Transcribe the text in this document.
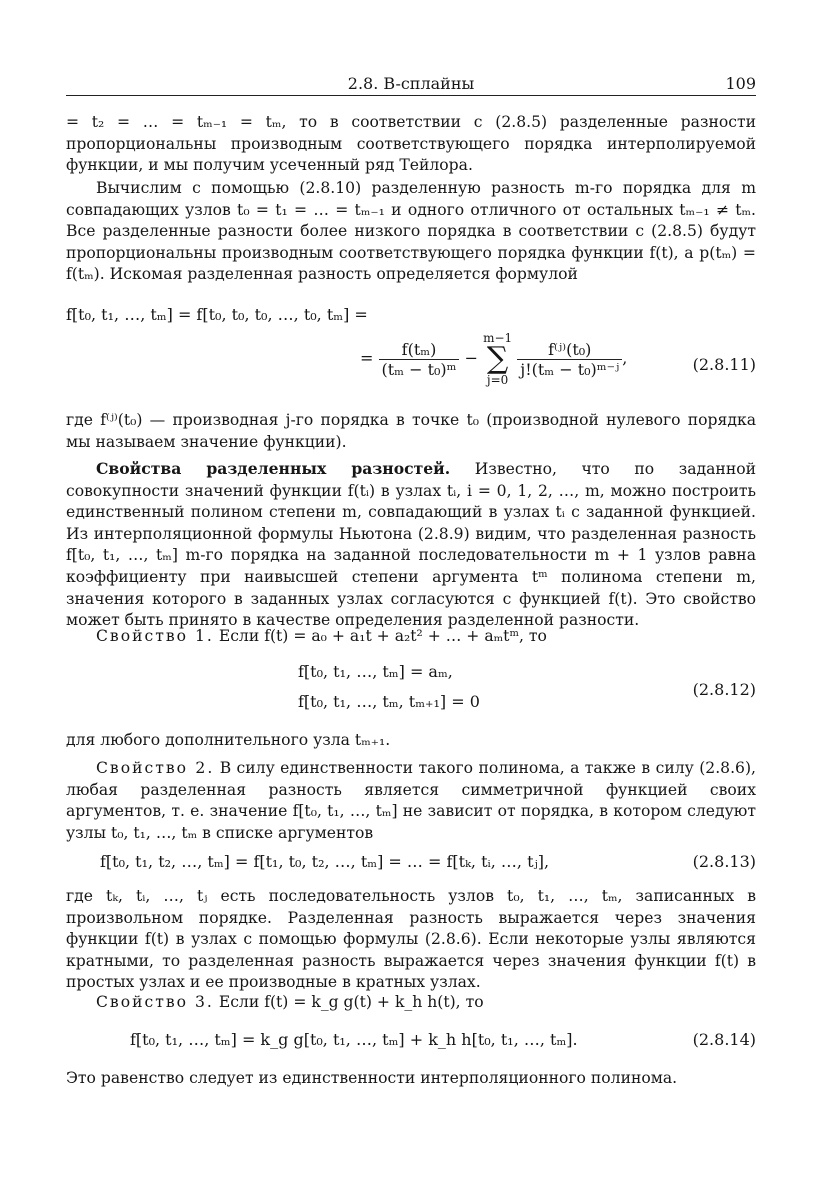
2.8. B-сплайны	109

= t₂ = … = tₘ₋₁ = tₘ, то в соответствии с (2.8.5) разделенные разности пропорциональны производным соответствующего порядка интерполируемой функции, и мы получим усеченный ряд Тейлора.

Вычислим с помощью (2.8.10) разделенную разность m-го порядка для m совпадающих узлов t₀ = t₁ = … = tₘ₋₁ и одного отличного от остальных tₘ₋₁ ≠ tₘ. Все разделенные разности более низкого порядка в соответствии с (2.8.5) будут пропорциональны производным соответствующего порядка функции f(t), а p(tₘ) = f(tₘ). Искомая разделенная разность определяется формулой

f[t₀, t₁, …, tₘ] = f[t₀, t₀, t₀, …, t₀, tₘ] =
= $\frac{\text{f(tₘ)}}{\text{(tₘ − t₀)ᵐ}}$ −
m−1
∑
j=0

$\frac{\text{f⁽ʲ⁾(t₀)}}{\text{j!(tₘ − t₀)ᵐ⁻ʲ}}$ ,	(2.8.11)

где f⁽ʲ⁾(t₀) — производная j-го порядка в точке t₀ (производной нулевого порядка мы называем значение функции).

Свойства разделенных разностей. Известно, что по заданной совокупности значений функции f(tᵢ) в узлах tᵢ, i = 0, 1, 2, …, m, можно построить единственный полином степени m, совпадающий в узлах tᵢ с заданной функцией. Из интерполяционной формулы Ньютона (2.8.9) видим, что разделенная разность f[t₀, t₁, …, tₘ] m-го порядка на заданной последовательности m + 1 узлов равна коэффициенту при наивысшей степени аргумента tᵐ полинома степени m, значения которого в заданных узлах согласуются с функцией f(t). Это свойство может быть принято в качестве определения разделенной разности.

Свойство 1. Если f(t) = a₀ + a₁t + a₂t² + … + aₘtᵐ, то

f[t₀, t₁, …, tₘ] = aₘ,
f[t₀, t₁, …, tₘ, tₘ₊₁] = 0
(2.8.12)

для любого дополнительного узла tₘ₊₁.

Свойство 2. В силу единственности такого полинома, а также в силу (2.8.6), любая разделенная разность является симметричной функцией своих аргументов, т. е. значение f[t₀, t₁, …, tₘ] не зависит от порядка, в котором следуют узлы t₀, t₁, …, tₘ в списке аргументов

f[t₀, t₁, t₂, …, tₘ] = f[t₁, t₀, t₂, …, tₘ] = … = f[tₖ, tᵢ, …, tⱼ],	(2.8.13)

где tₖ, tᵢ, …, tⱼ есть последовательность узлов t₀, t₁, …, tₘ, записанных в произвольном порядке. Разделенная разность выражается через значения функции f(t) в узлах с помощью формулы (2.8.6). Если некоторые узлы являются кратными, то разделенная разность выражается через значения функции f(t) в простых узлах и ее производные в кратных узлах.

Свойство 3. Если f(t) = k_g g(t) + k_h h(t), то

f[t₀, t₁, …, tₘ] = k_g g[t₀, t₁, …, tₘ] + k_h h[t₀, t₁, …, tₘ].	(2.8.14)

Это равенство следует из единственности интерполяционного полинома.
